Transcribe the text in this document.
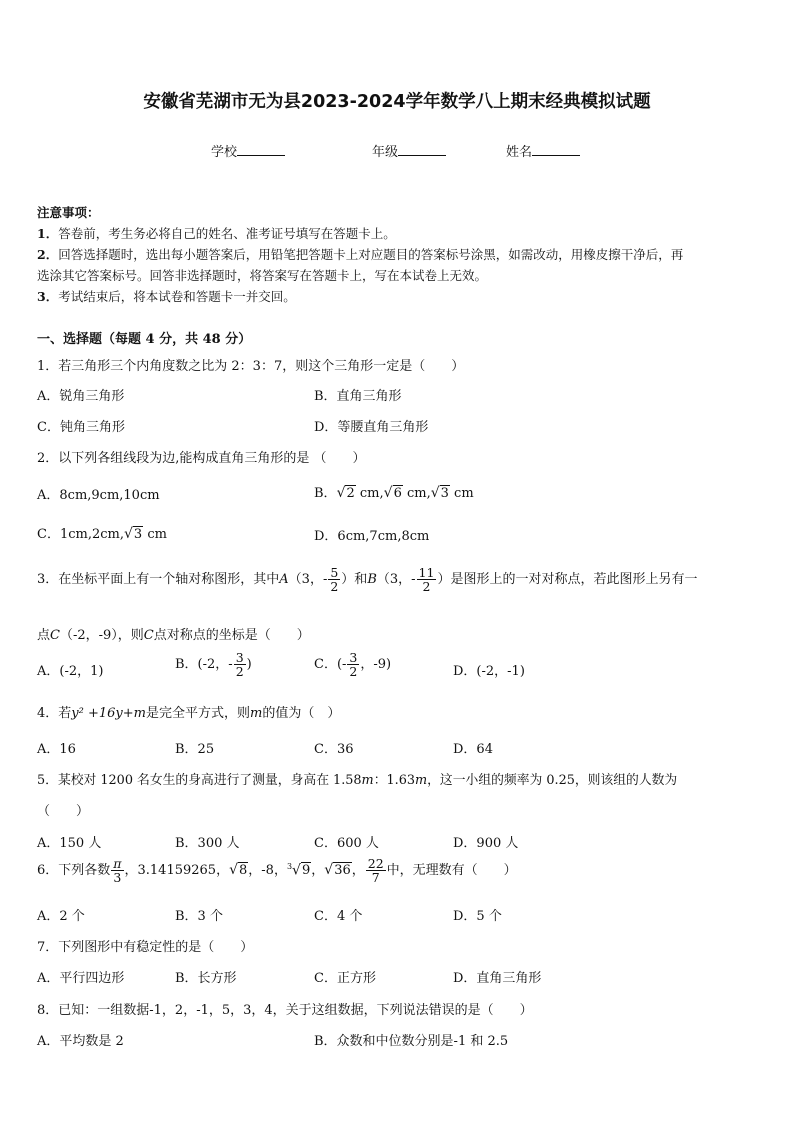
安徽省芜湖市无为县2023-2024学年数学八上期末经典模拟试题
学校	年级	姓名
注意事项：
1．答卷前，考生务必将自己的姓名、准考证号填写在答题卡上。
2．回答选择题时，选出每小题答案后，用铅笔把答题卡上对应题目的答案标号涂黑，如需改动，用橡皮擦干净后，再
选涂其它答案标号。回答非选择题时，将答案写在答题卡上，写在本试卷上无效。
3．考试结束后，将本试卷和答题卡一并交回。
一、选择题（每题 4 分，共 48 分）
1．若三角形三个内角度数之比为 2：3：7，则这个三角形一定是（　　）
A．锐角三角形	B．直角三角形
C．钝角三角形	D．等腰直角三角形
2．以下列各组线段为边,能构成直角三角形的是 （　　）
A．8cm,9cm,10cm	B．√2 cm,√6 cm,√3 cm
C．1cm,2cm,√3 cm	D．6cm,7cm,8cm
3．在坐标平面上有一个轴对称图形，其中A（3，- $\frac{5}{2}$ ）和B（3，- $\frac{11}{2}$ ）是图形上的一对对称点，若此图形上另有一
点C（-2，-9），则C点对称点的坐标是（　　）
A．(-2，1)	B．(-2，- $\frac{3}{2}$ )	C．(- $\frac{3}{2}$ ，-9)	D．(-2，-1)
4．若y² +16y+m是完全平方式，则m的值为（　）
A．16	B．25	C．36	D．64
5．某校对 1200 名女生的身高进行了测量，身高在 1.58m：1.63m，这一小组的频率为 0.25，则该组的人数为
（　　）
A．150 人	B．300 人	C．600 人	D．900 人
6．下列各数 $\frac{\pi}{3}$ ，3.14159265，√8，-8，$^3$√9，√36， $\frac{22}{7}$ 中，无理数有（　　）
A．2 个	B．3 个	C．4 个	D．5 个
7．下列图形中有稳定性的是（　　）
A．平行四边形	B．长方形	C．正方形	D．直角三角形
8．已知：一组数据-1，2，-1，5，3，4，关于这组数据，下列说法错误的是（　　）
A．平均数是 2	B．众数和中位数分别是-1 和 2.5
